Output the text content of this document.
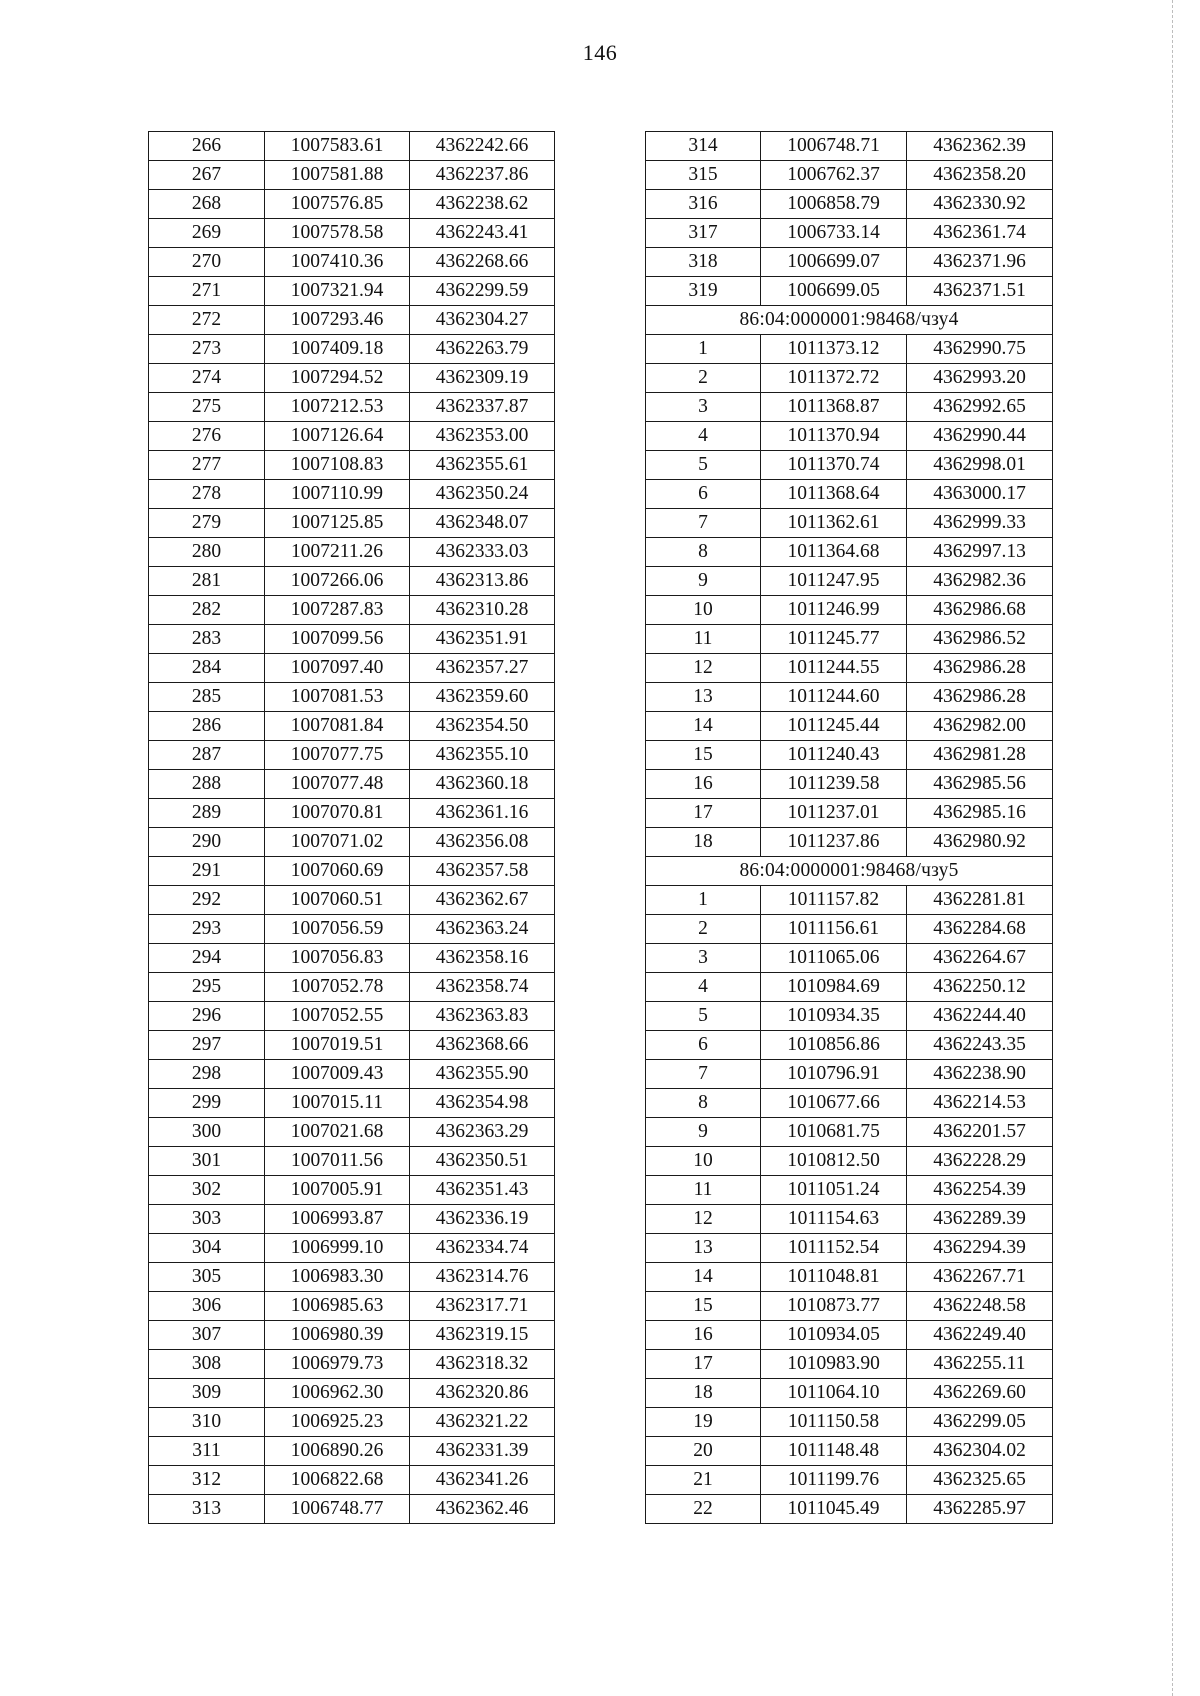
146
266	1007583.61	4362242.66
267	1007581.88	4362237.86
268	1007576.85	4362238.62
269	1007578.58	4362243.41
270	1007410.36	4362268.66
271	1007321.94	4362299.59
272	1007293.46	4362304.27
273	1007409.18	4362263.79
274	1007294.52	4362309.19
275	1007212.53	4362337.87
276	1007126.64	4362353.00
277	1007108.83	4362355.61
278	1007110.99	4362350.24
279	1007125.85	4362348.07
280	1007211.26	4362333.03
281	1007266.06	4362313.86
282	1007287.83	4362310.28
283	1007099.56	4362351.91
284	1007097.40	4362357.27
285	1007081.53	4362359.60
286	1007081.84	4362354.50
287	1007077.75	4362355.10
288	1007077.48	4362360.18
289	1007070.81	4362361.16
290	1007071.02	4362356.08
291	1007060.69	4362357.58
292	1007060.51	4362362.67
293	1007056.59	4362363.24
294	1007056.83	4362358.16
295	1007052.78	4362358.74
296	1007052.55	4362363.83
297	1007019.51	4362368.66
298	1007009.43	4362355.90
299	1007015.11	4362354.98
300	1007021.68	4362363.29
301	1007011.56	4362350.51
302	1007005.91	4362351.43
303	1006993.87	4362336.19
304	1006999.10	4362334.74
305	1006983.30	4362314.76
306	1006985.63	4362317.71
307	1006980.39	4362319.15
308	1006979.73	4362318.32
309	1006962.30	4362320.86
310	1006925.23	4362321.22
311	1006890.26	4362331.39
312	1006822.68	4362341.26
313	1006748.77	4362362.46
314	1006748.71	4362362.39
315	1006762.37	4362358.20
316	1006858.79	4362330.92
317	1006733.14	4362361.74
318	1006699.07	4362371.96
319	1006699.05	4362371.51
86:04:0000001:98468/чзу4		
1	1011373.12	4362990.75
2	1011372.72	4362993.20
3	1011368.87	4362992.65
4	1011370.94	4362990.44
5	1011370.74	4362998.01
6	1011368.64	4363000.17
7	1011362.61	4362999.33
8	1011364.68	4362997.13
9	1011247.95	4362982.36
10	1011246.99	4362986.68
11	1011245.77	4362986.52
12	1011244.55	4362986.28
13	1011244.60	4362986.28
14	1011245.44	4362982.00
15	1011240.43	4362981.28
16	1011239.58	4362985.56
17	1011237.01	4362985.16
18	1011237.86	4362980.92
86:04:0000001:98468/чзу5		
1	1011157.82	4362281.81
2	1011156.61	4362284.68
3	1011065.06	4362264.67
4	1010984.69	4362250.12
5	1010934.35	4362244.40
6	1010856.86	4362243.35
7	1010796.91	4362238.90
8	1010677.66	4362214.53
9	1010681.75	4362201.57
10	1010812.50	4362228.29
11	1011051.24	4362254.39
12	1011154.63	4362289.39
13	1011152.54	4362294.39
14	1011048.81	4362267.71
15	1010873.77	4362248.58
16	1010934.05	4362249.40
17	1010983.90	4362255.11
18	1011064.10	4362269.60
19	1011150.58	4362299.05
20	1011148.48	4362304.02
21	1011199.76	4362325.65
22	1011045.49	4362285.97
